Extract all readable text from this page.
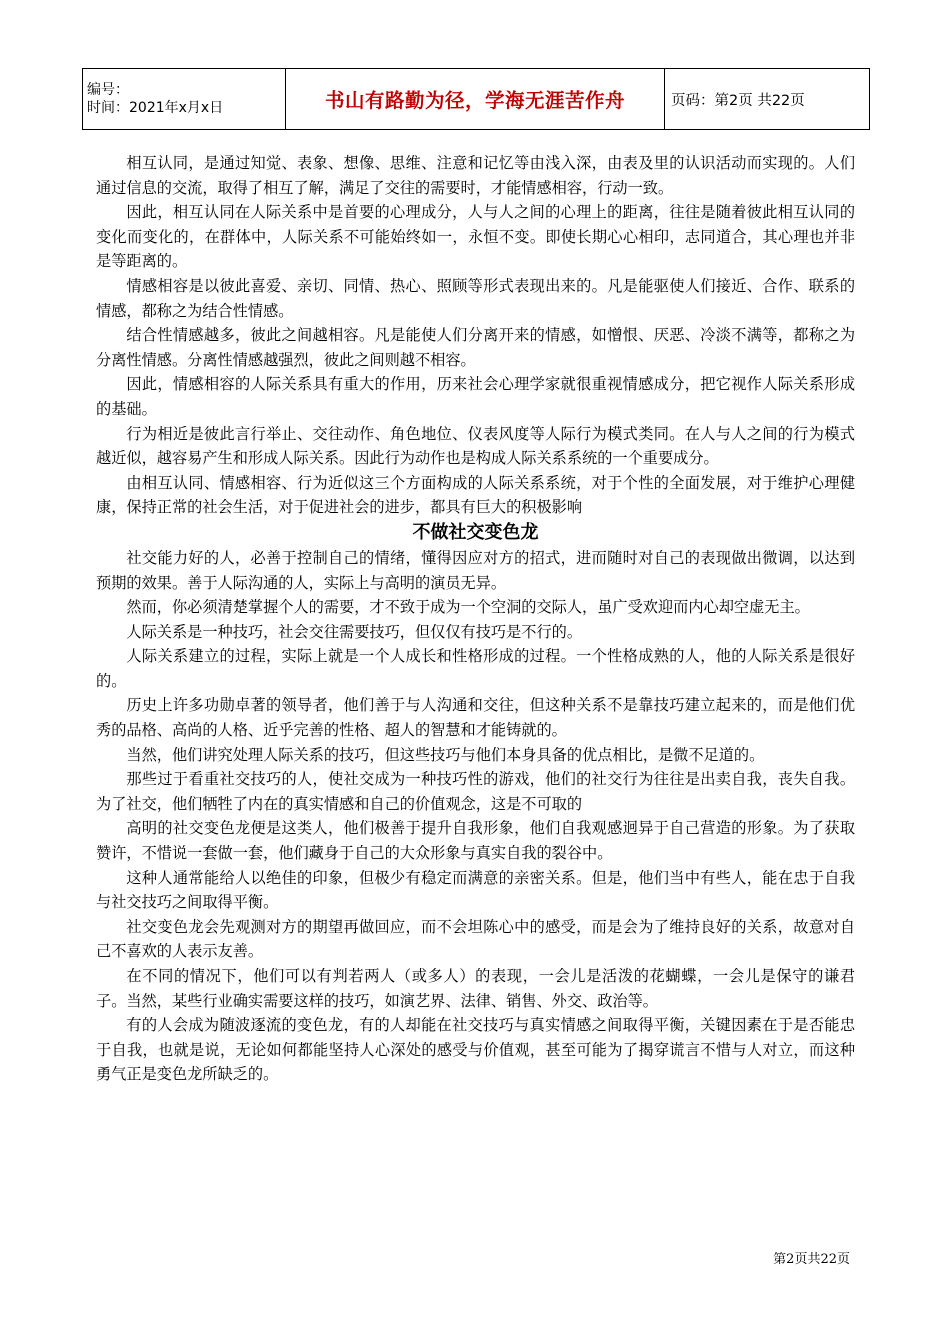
编号：
时间：2021年x月x日	书山有路勤为径，学海无涯苦作舟	页码：第2页 共22页

相互认同，是通过知觉、表象、想像、思维、注意和记忆等由浅入深，由表及里的认识活动而实现的。人们通过信息的交流，取得了相互了解，满足了交往的需要时，才能情感相容，行动一致。

因此，相互认同在人际关系中是首要的心理成分，人与人之间的心理上的距离，往往是随着彼此相互认同的变化而变化的，在群体中，人际关系不可能始终如一，永恒不变。即使长期心心相印，志同道合，其心理也并非是等距离的。

情感相容是以彼此喜爱、亲切、同情、热心、照顾等形式表现出来的。凡是能驱使人们接近、合作、联系的情感，都称之为结合性情感。

结合性情感越多，彼此之间越相容。凡是能使人们分离开来的情感，如憎恨、厌恶、冷淡不满等，都称之为分离性情感。分离性情感越强烈，彼此之间则越不相容。

因此，情感相容的人际关系具有重大的作用，历来社会心理学家就很重视情感成分，把它视作人际关系形成的基础。

行为相近是彼此言行举止、交往动作、角色地位、仪表风度等人际行为模式类同。在人与人之间的行为模式越近似，越容易产生和形成人际关系。因此行为动作也是构成人际关系系统的一个重要成分。

由相互认同、情感相容、行为近似这三个方面构成的人际关系系统，对于个性的全面发展，对于维护心理健康，保持正常的社会生活，对于促进社会的进步，都具有巨大的积极影响

不做社交变色龙

社交能力好的人，必善于控制自己的情绪，懂得因应对方的招式，进而随时对自己的表现做出微调，以达到预期的效果。善于人际沟通的人，实际上与高明的演员无异。

然而，你必须清楚掌握个人的需要，才不致于成为一个空洞的交际人，虽广受欢迎而内心却空虚无主。

人际关系是一种技巧，社会交往需要技巧，但仅仅有技巧是不行的。

人际关系建立的过程，实际上就是一个人成长和性格形成的过程。一个性格成熟的人，他的人际关系是很好的。

历史上许多功勋卓著的领导者，他们善于与人沟通和交往，但这种关系不是靠技巧建立起来的，而是他们优秀的品格、高尚的人格、近乎完善的性格、超人的智慧和才能铸就的。

当然，他们讲究处理人际关系的技巧，但这些技巧与他们本身具备的优点相比，是微不足道的。

那些过于看重社交技巧的人，使社交成为一种技巧性的游戏，他们的社交行为往往是出卖自我，丧失自我。为了社交，他们牺牲了内在的真实情感和自己的价值观念，这是不可取的

高明的社交变色龙便是这类人，他们极善于提升自我形象，他们自我观感迥异于自己营造的形象。为了获取赞许，不惜说一套做一套，他们藏身于自己的大众形象与真实自我的裂谷中。

这种人通常能给人以绝佳的印象，但极少有稳定而满意的亲密关系。但是，他们当中有些人，能在忠于自我与社交技巧之间取得平衡。

社交变色龙会先观测对方的期望再做回应，而不会坦陈心中的感受，而是会为了维持良好的关系，故意对自己不喜欢的人表示友善。

在不同的情况下，他们可以有判若两人（或多人）的表现，一会儿是活泼的花蝴蝶，一会儿是保守的谦君子。当然，某些行业确实需要这样的技巧，如演艺界、法律、销售、外交、政治等。

有的人会成为随波逐流的变色龙，有的人却能在社交技巧与真实情感之间取得平衡，关键因素在于是否能忠于自我，也就是说，无论如何都能坚持人心深处的感受与价值观，甚至可能为了揭穿谎言不惜与人对立，而这种勇气正是变色龙所缺乏的。

第2页共22页
